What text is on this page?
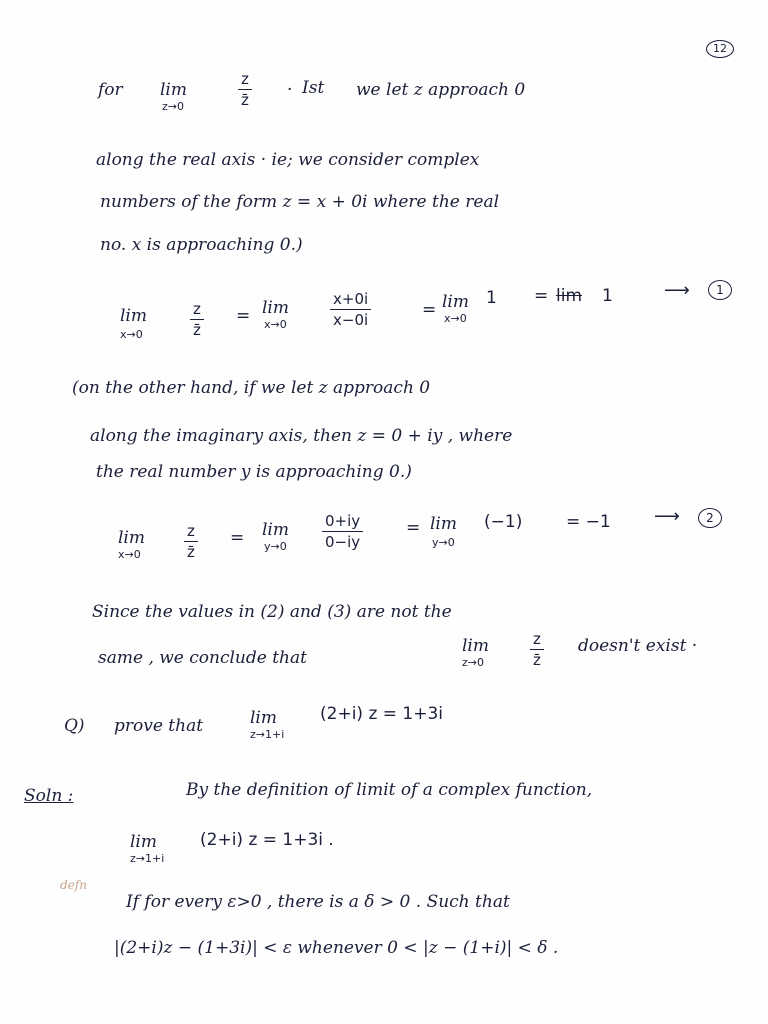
12
for lim
z→0
z
z̄ · Ist we let z approach 0
along the real axis · ie; we consider complex
numbers of the form z = x + 0i where the real
no. x is approaching 0.)
lim
x→0
z
z̄
= lim
x→0
x+0i
x−0i	= lim
x→0
1 = lim 1	⟶	1
(on the other hand, if we let z approach 0
along the imaginary axis, then z = 0 + iy , where
the real number y is approaching 0.)
lim
x→0
z
z̄
= lim
y→0
0+iy
0−iy
= lim
y→0
(−1)	= −1 ⟶	2
Since the values in (2) and (3) are not the
same , we conclude that
lim
z→0
z
z̄
doesn't exist ·
Q) prove that	lim
z→1+i
(2+i) z = 1+3i
Soln :	By the definition of limit of a complex function,
lim
z→1+i
(2+i) z = 1+3i .
defn
If for every ε>0 , there is a δ > 0 . Such that
|(2+i)z − (1+3i)| < ε whenever 0 < |z − (1+i)| < δ .
